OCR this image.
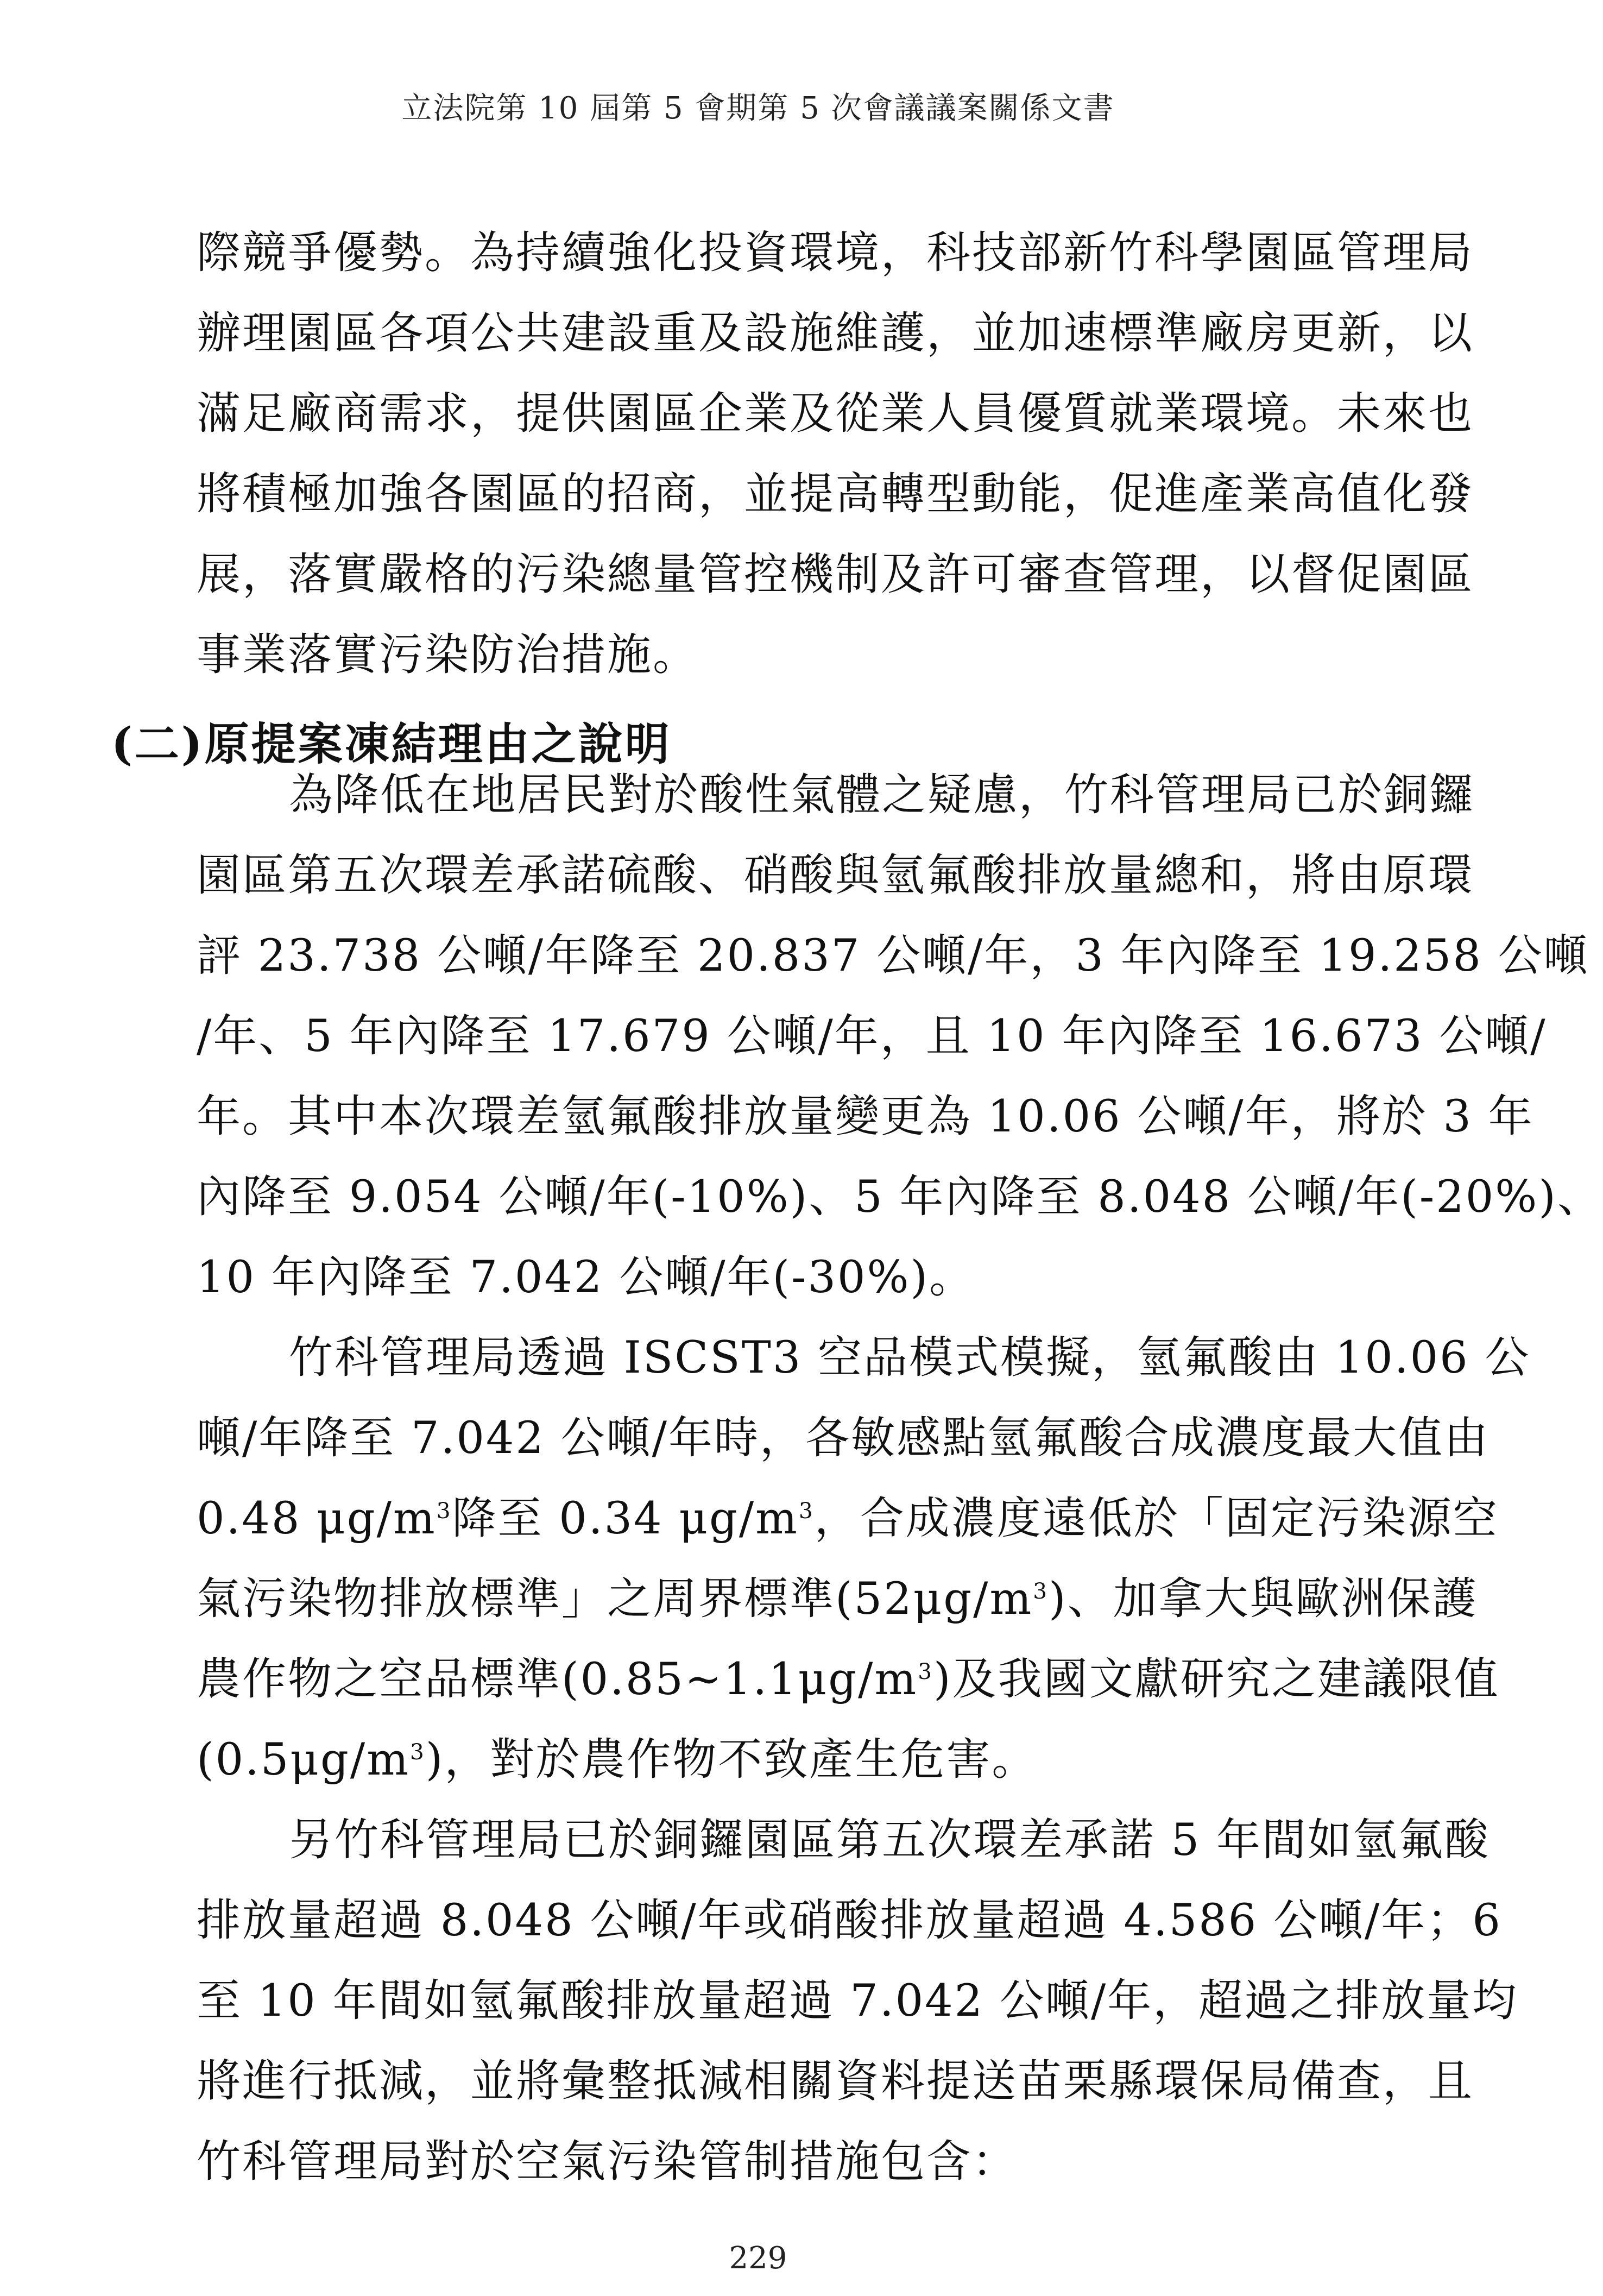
立法院第 10 屆第 5 會期第 5 次會議議案關係文書
際競爭優勢。為持續強化投資環境，科技部新竹科學園區管理局
辦理園區各項公共建設重及設施維護，並加速標準廠房更新，以
滿足廠商需求，提供園區企業及從業人員優質就業環境。未來也
將積極加強各園區的招商，並提高轉型動能，促進產業高值化發
展，落實嚴格的污染總量管控機制及許可審查管理，以督促園區
事業落實污染防治措施。
(二)原提案凍結理由之說明
為降低在地居民對於酸性氣體之疑慮，竹科管理局已於銅鑼
園區第五次環差承諾硫酸、硝酸與氫氟酸排放量總和，將由原環
評 23.738 公噸/年降至 20.837 公噸/年，3 年內降至 19.258 公噸
/年、5 年內降至 17.679 公噸/年，且 10 年內降至 16.673 公噸/
年。其中本次環差氫氟酸排放量變更為 10.06 公噸/年，將於 3 年
內降至 9.054 公噸/年(-10%)、5 年內降至 8.048 公噸/年(-20%)、
10 年內降至 7.042 公噸/年(-30%)。
竹科管理局透過 ISCST3 空品模式模擬，氫氟酸由 10.06 公
噸/年降至 7.042 公噸/年時，各敏感點氫氟酸合成濃度最大值由
0.48 $\mu g/m^3$降至 0.34 $\mu g/m^3$，合成濃度遠低於「固定污染源空
氣污染物排放標準」之周界標準$(52\mu g/m^3)$、加拿大與歐洲保護
農作物之空品標準$(0.85\sim 1.1\mu g/m^3)$及我國文獻研究之建議限值
$(0.5\mu g/m^3)$，對於農作物不致產生危害。
另竹科管理局已於銅鑼園區第五次環差承諾 5 年間如氫氟酸
排放量超過 8.048 公噸/年或硝酸排放量超過 4.586 公噸/年；6
至 10 年間如氫氟酸排放量超過 7.042 公噸/年，超過之排放量均
將進行抵減，並將彙整抵減相關資料提送苗栗縣環保局備查，且
竹科管理局對於空氣污染管制措施包含：
229
